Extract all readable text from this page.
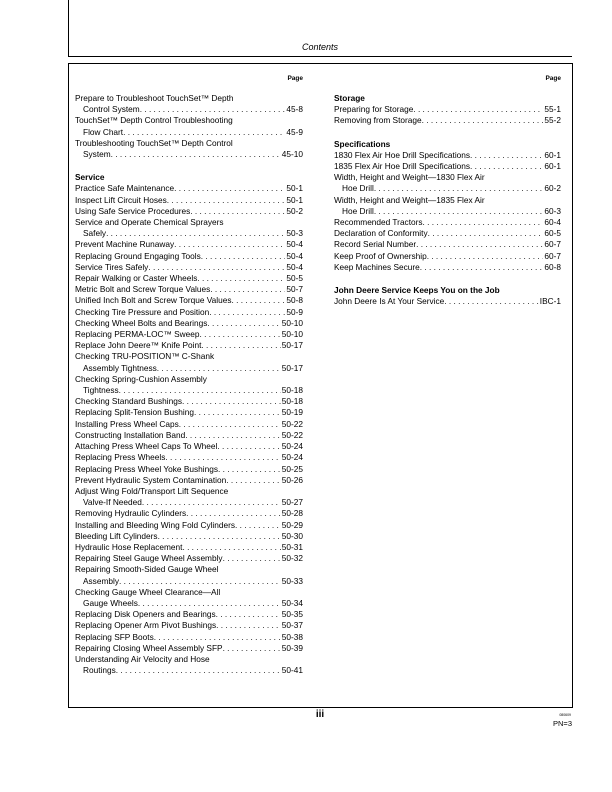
Contents
Page
Prepare to Troubleshoot TouchSet™ Depth
Control System . . .	45-8
TouchSet™ Depth Control Troubleshooting
Flow Chart . . .	45-9
Troubleshooting TouchSet™ Depth Control
System . . .	45-10
Service
Practice Safe Maintenance . . .	50-1
Inspect Lift Circuit Hoses . . .	50-1
Using Safe Service Procedures . . .	50-2
Service and Operate Chemical Sprayers
Safely . . .	50-3
Prevent Machine Runaway . . .	50-4
Replacing Ground Engaging Tools . . .	50-4
Service Tires Safely . . .	50-4
Repair Walking or Caster Wheels . . .	50-5
Metric Bolt and Screw Torque Values . . .	50-7
Unified Inch Bolt and Screw Torque Values . . .	50-8
Checking Tire Pressure and Position . . .	50-9
Checking Wheel Bolts and Bearings . . .	50-10
Replacing PERMA-LOC™ Sweep . . .	50-10
Replace John Deere™ Knife Point . . .	50-17
Checking TRU-POSITION™ C-Shank
Assembly Tightness . . .	50-17
Checking Spring-Cushion Assembly
Tightness . . .	50-18
Checking Standard Bushings . . .	50-18
Replacing Split-Tension Bushing . . .	50-19
Installing Press Wheel Caps . . .	50-22
Constructing Installation Band . . .	50-22
Attaching Press Wheel Caps To Wheel . . .	50-24
Replacing Press Wheels . . .	50-24
Replacing Press Wheel Yoke Bushings . . .	50-25
Prevent Hydraulic System Contamination . . .	50-26
Adjust Wing Fold/Transport Lift Sequence
Valve-If Needed . . .	50-27
Removing Hydraulic Cylinders . . .	50-28
Installing and Bleeding Wing Fold Cylinders . . .	50-29
Bleeding Lift Cylinders . . .	50-30
Hydraulic Hose Replacement . . .	50-31
Repairing Steel Gauge Wheel Assembly . . .	50-32
Repairing Smooth-Sided Gauge Wheel
Assembly . . .	50-33
Checking Gauge Wheel Clearance—All
Gauge Wheels . . .	50-34
Replacing Disk Openers and Bearings . . .	50-35
Replacing Opener Arm Pivot Bushings . . .	50-37
Replacing SFP Boots . . .	50-38
Repairing Closing Wheel Assembly SFP . . .	50-39
Understanding Air Velocity and Hose
Routings . . .	50-41
Page
Storage
Preparing for Storage . . .	55-1
Removing from Storage . . .	55-2
Specifications
1830 Flex Air Hoe Drill Specifications . . .	60-1
1835 Flex Air Hoe Drill Specifications . . .	60-1
Width, Height and Weight—1830 Flex Air
Hoe Drill . . .	60-2
Width, Height and Weight—1835 Flex Air
Hoe Drill . . .	60-3
Recommended Tractors . . .	60-4
Declaration of Conformity . . .	60-5
Record Serial Number . . .	60-7
Keep Proof of Ownership . . .	60-7
Keep Machines Secure . . .	60-8
John Deere Service Keeps You on the Job
John Deere Is At Your Service . . .	IBC-1
iii	080609
PN=3
